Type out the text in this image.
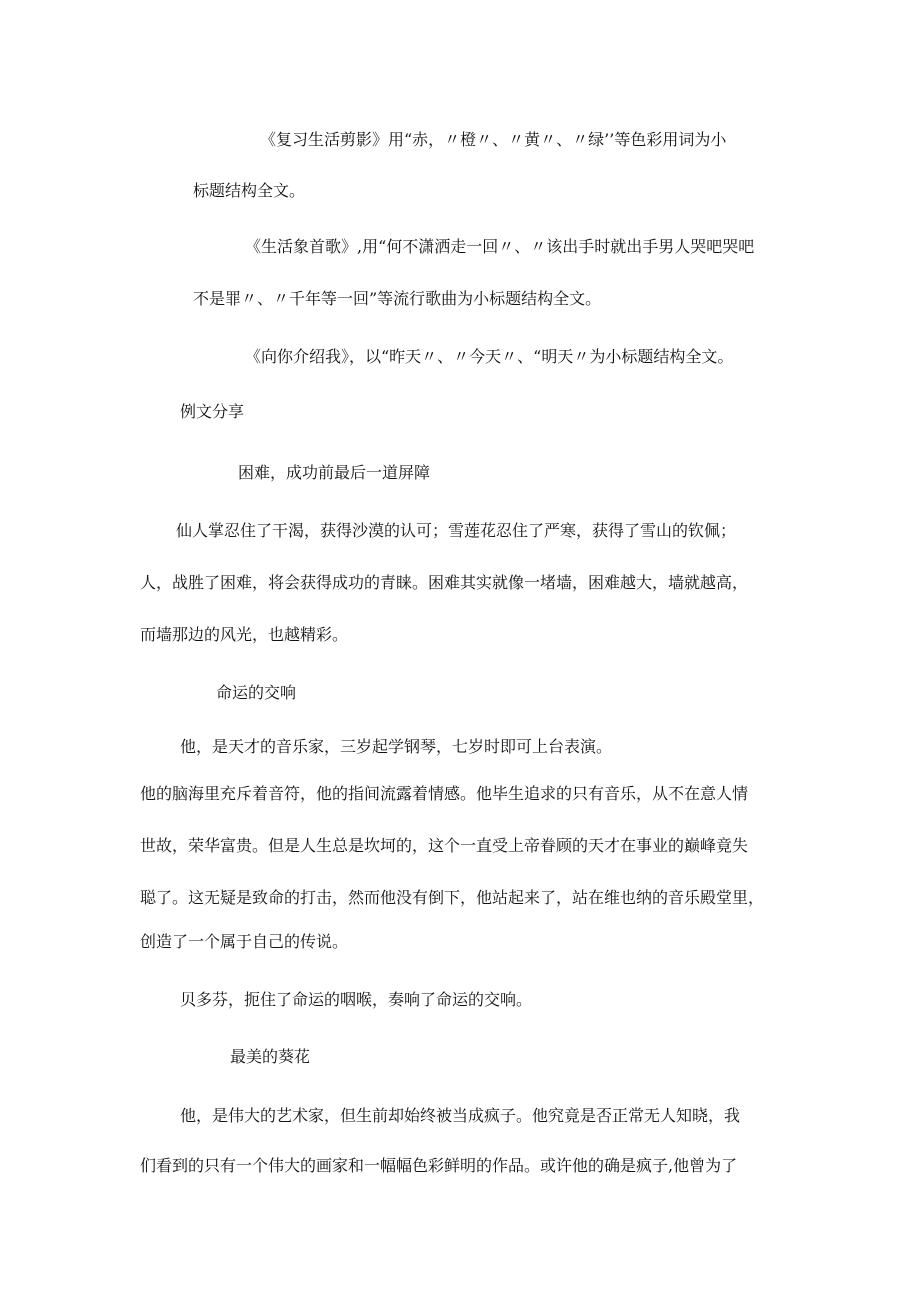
《复习生活剪影》用“赤，〃橙〃、〃黄〃、〃绿’’等色彩用词为小
标题结构全文。
《生活象首歌》,用“何不潇洒走一回〃、〃该出手时就出手男人哭吧哭吧
不是罪〃、〃千年等一回”等流行歌曲为小标题结构全文。
《向你介绍我》，以“昨天〃、〃今天〃、“明天〃为小标题结构全文。
例文分享
困难，成功前最后一道屏障
仙人掌忍住了干渴，获得沙漠的认可；雪莲花忍住了严寒，获得了雪山的钦佩；
人，战胜了困难，将会获得成功的青睐。困难其实就像一堵墙，困难越大，墙就越高，
而墙那边的风光，也越精彩。
命运的交响
他，是天才的音乐家，三岁起学钢琴，七岁时即可上台表演。
他的脑海里充斥着音符，他的指间流露着情感。他毕生追求的只有音乐，从不在意人情
世故，荣华富贵。但是人生总是坎坷的，这个一直受上帝眷顾的天才在事业的巅峰竟失
聪了。这无疑是致命的打击，然而他没有倒下，他站起来了，站在维也纳的音乐殿堂里，
创造了一个属于自己的传说。
贝多芬，扼住了命运的咽喉，奏响了命运的交响。
最美的葵花
他，是伟大的艺术家，但生前却始终被当成疯子。他究竟是否正常无人知晓，我
们看到的只有一个伟大的画家和一幅幅色彩鲜明的作品。或许他的确是疯子,他曾为了
